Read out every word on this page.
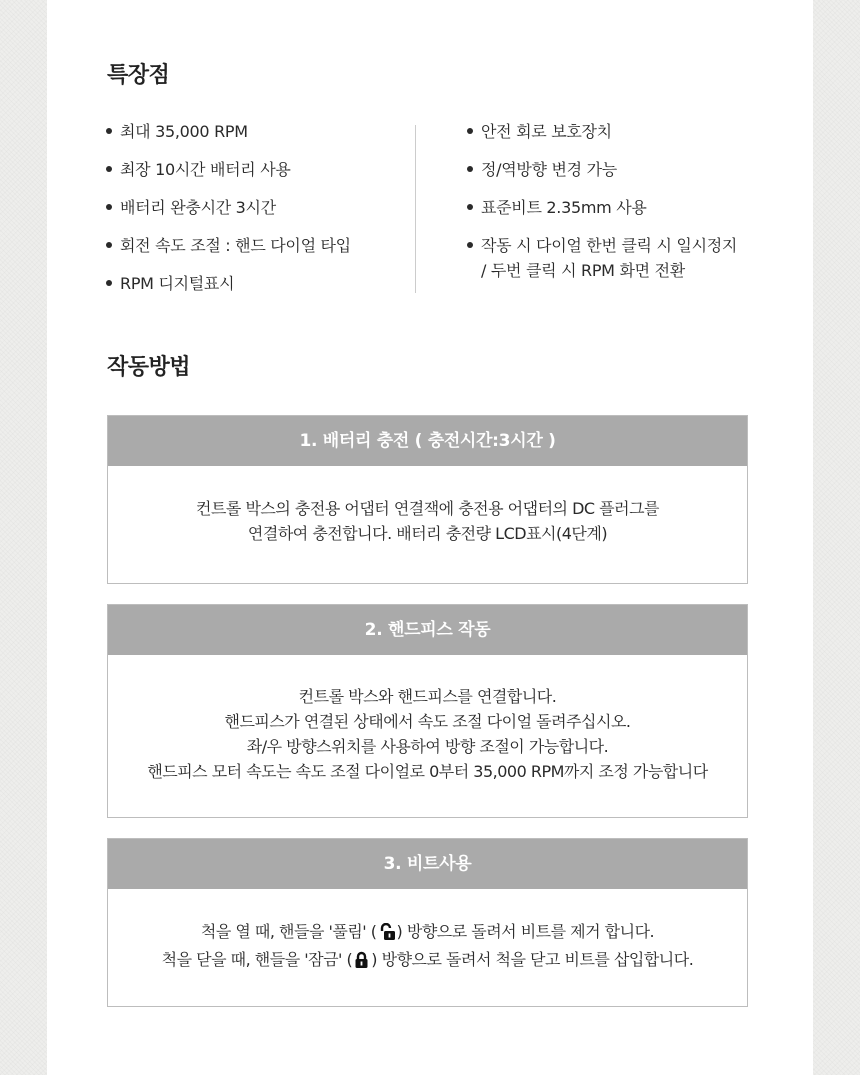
특장점
최대 35,000 RPM
최장 10시간 배터리 사용
배터리 완충시간 3시간
회전 속도 조절 : 핸드 다이얼 타입
RPM 디지털표시
안전 회로 보호장치
정/역방향 변경 가능
표준비트 2.35mm 사용
작동 시 다이얼 한번 클릭 시 일시정지
/ 두번 클릭 시 RPM 화면 전환
작동방법
1. 배터리 충전 ( 충전시간:3시간 )

컨트롤 박스의 충전용 어댑터 연결잭에 충전용 어댑터의 DC 플러그를

연결하여 충전합니다. 배터리 충전량 LCD표시(4단계)

2. 핸드피스 작동

컨트롤 박스와 핸드피스를 연결합니다.

핸드피스가 연결된 상태에서 속도 조절 다이얼 돌려주십시오.

좌/우 방향스위치를 사용하여 방향 조절이 가능합니다.

핸드피스 모터 속도는 속도 조절 다이얼로 0부터 35,000 RPM까지 조정 가능합니다

3. 비트사용

척을 열 때, 핸들을 '풀림' ( ) 방향으로 돌려서 비트를 제거 합니다.

척을 닫을 때, 핸들을 '잠금' ( ) 방향으로 돌려서 척을 닫고 비트를 삽입합니다.
